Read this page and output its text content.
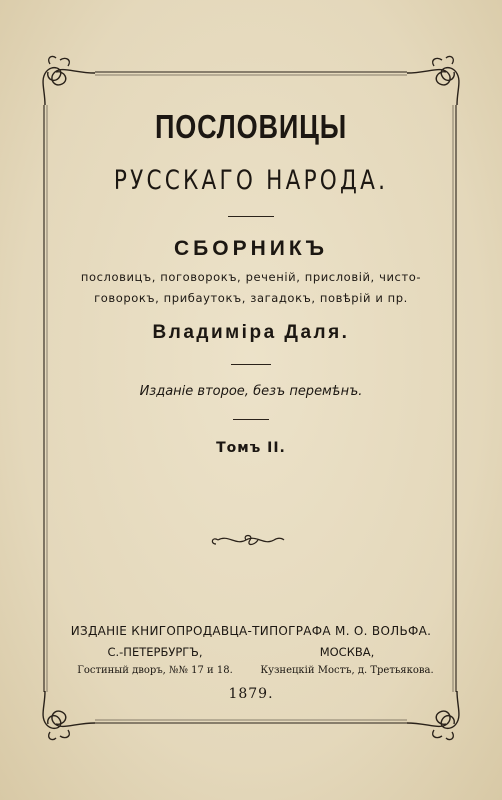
ПОСЛОВИЦЫ
РУССКАГО НАРОДА.
СБОРНИКЪ
пословицъ, поговорокъ, реченій, присловій, чисто-
говорокъ, прибаутокъ, загадокъ, повѣрій и пр.
Владиміра Даля.
Изданіе второе, безъ перемѣнъ.
Томъ II.
ИЗДАНІЕ КНИГОПРОДАВЦА-ТИПОГРАФА М. О. ВОЛЬФА.
С.-ПЕТЕРБУРГЪ,
Гостиный дворъ, №№ 17 и 18.
МОСКВА,
Кузнецкій Мостъ, д. Третьякова.
1879.
